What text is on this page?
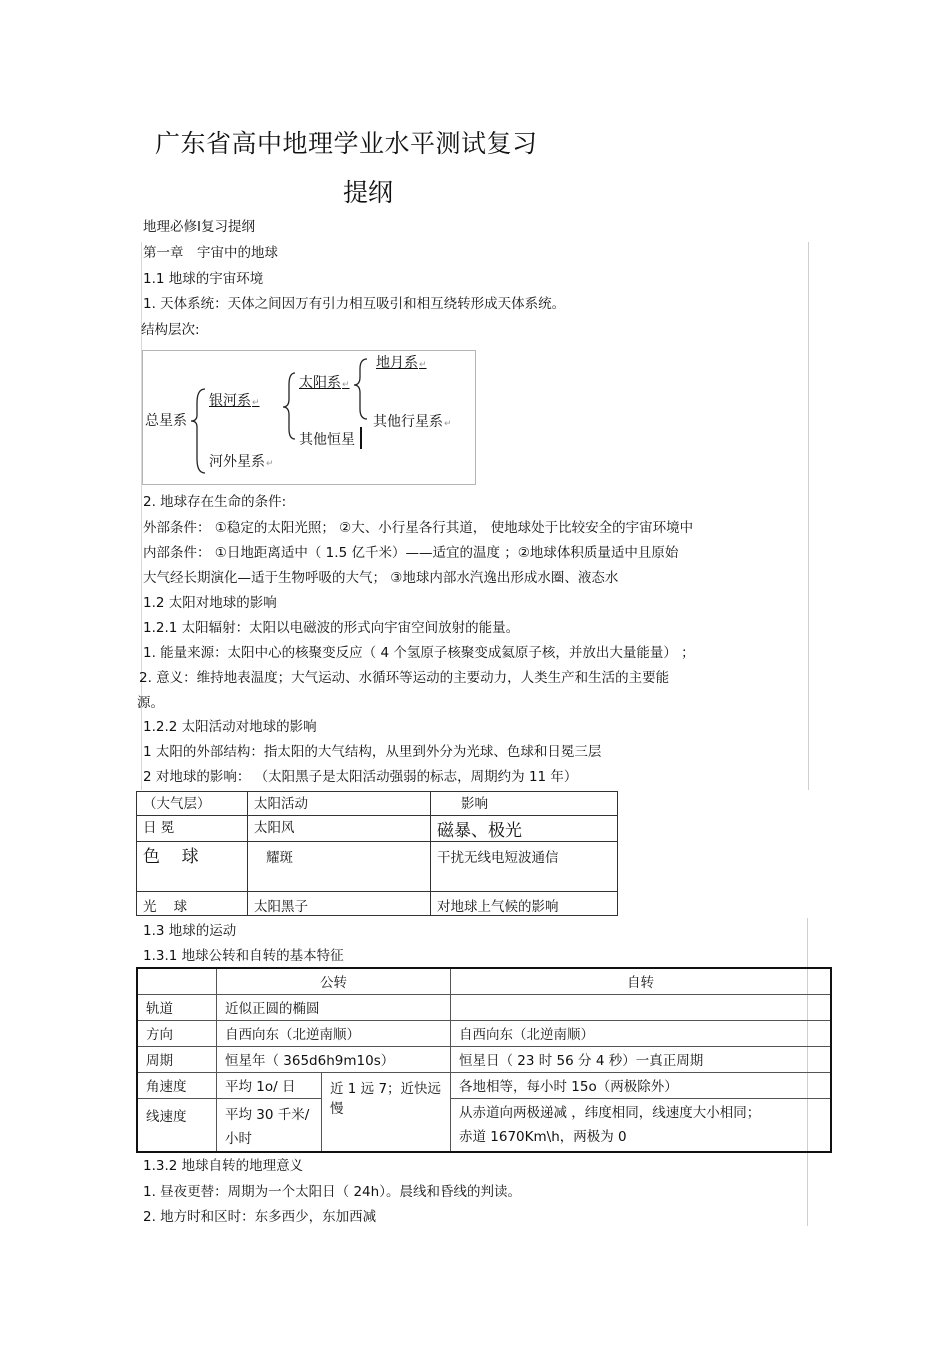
广东省高中地理学业水平测试复习
提纲
地理必修Ⅰ复习提纲
第一章　宇宙中的地球
1.1 地球的宇宙环境
1. 天体系统：天体之间因万有引力相互吸引和相互绕转形成天体系统。
结构层次:
总星系
银河系↵
河外星系↵
太阳系↵
其他恒星
地月系↵
其他行星系↵
2. 地球存在生命的条件:
外部条件： ①稳定的太阳光照； ②大、小行星各行其道， 使地球处于比较安全的宇宙环境中
内部条件： ①日地距离适中（ 1.5 亿千米）——适宜的温度 ；②地球体积质量适中且原始
大气经长期演化—适于生物呼吸的大气； ③地球内部水汽逸出形成水圈、液态水
1.2 太阳对地球的影响
1.2.1 太阳辐射：太阳以电磁波的形式向宇宙空间放射的能量。
1. 能量来源：太阳中心的核聚变反应（ 4 个氢原子核聚变成氦原子核，并放出大量能量） ；
2. 意义：维持地表温度；大气运动、水循环等运动的主要动力，人类生产和生活的主要能
源。
1.2.2 太阳活动对地球的影响
1 太阳的外部结构：指太阳的大气结构，从里到外分为光球、色球和日冕三层
2 对地球的影响： （太阳黑子是太阳活动强弱的标志，周期约为 11 年）
（大气层）	太阳活动	影响
日 冕	太阳风	磁暴、极光
色    球	耀斑	干扰无线电短波通信
光    球	太阳黑子	对地球上气候的影响
1.3 地球的运动
1.3.1 地球公转和自转的基本特征
	公转		自转
轨道	近似正圆的椭圆		
方向	自西向东（北逆南顺）		自西向东（北逆南顺）
周期	恒星年（ 365d6h9m10s）		恒星日（ 23 时 56 分 4 秒）一真正周期
角速度	平均 1o/ 日	近 1 远 7；近快远慢	各地相等，每小时 15o（两极除外）
线速度	平均 30 千米/ 小时		从赤道向两极递减 ，纬度相同，线速度大小相同；
赤道 1670Km\h，两极为 0
1.3.2 地球自转的地理意义
1. 昼夜更替：周期为一个太阳日（ 24h）。晨线和昏线的判读。
2. 地方时和区时：东多西少，东加西减
